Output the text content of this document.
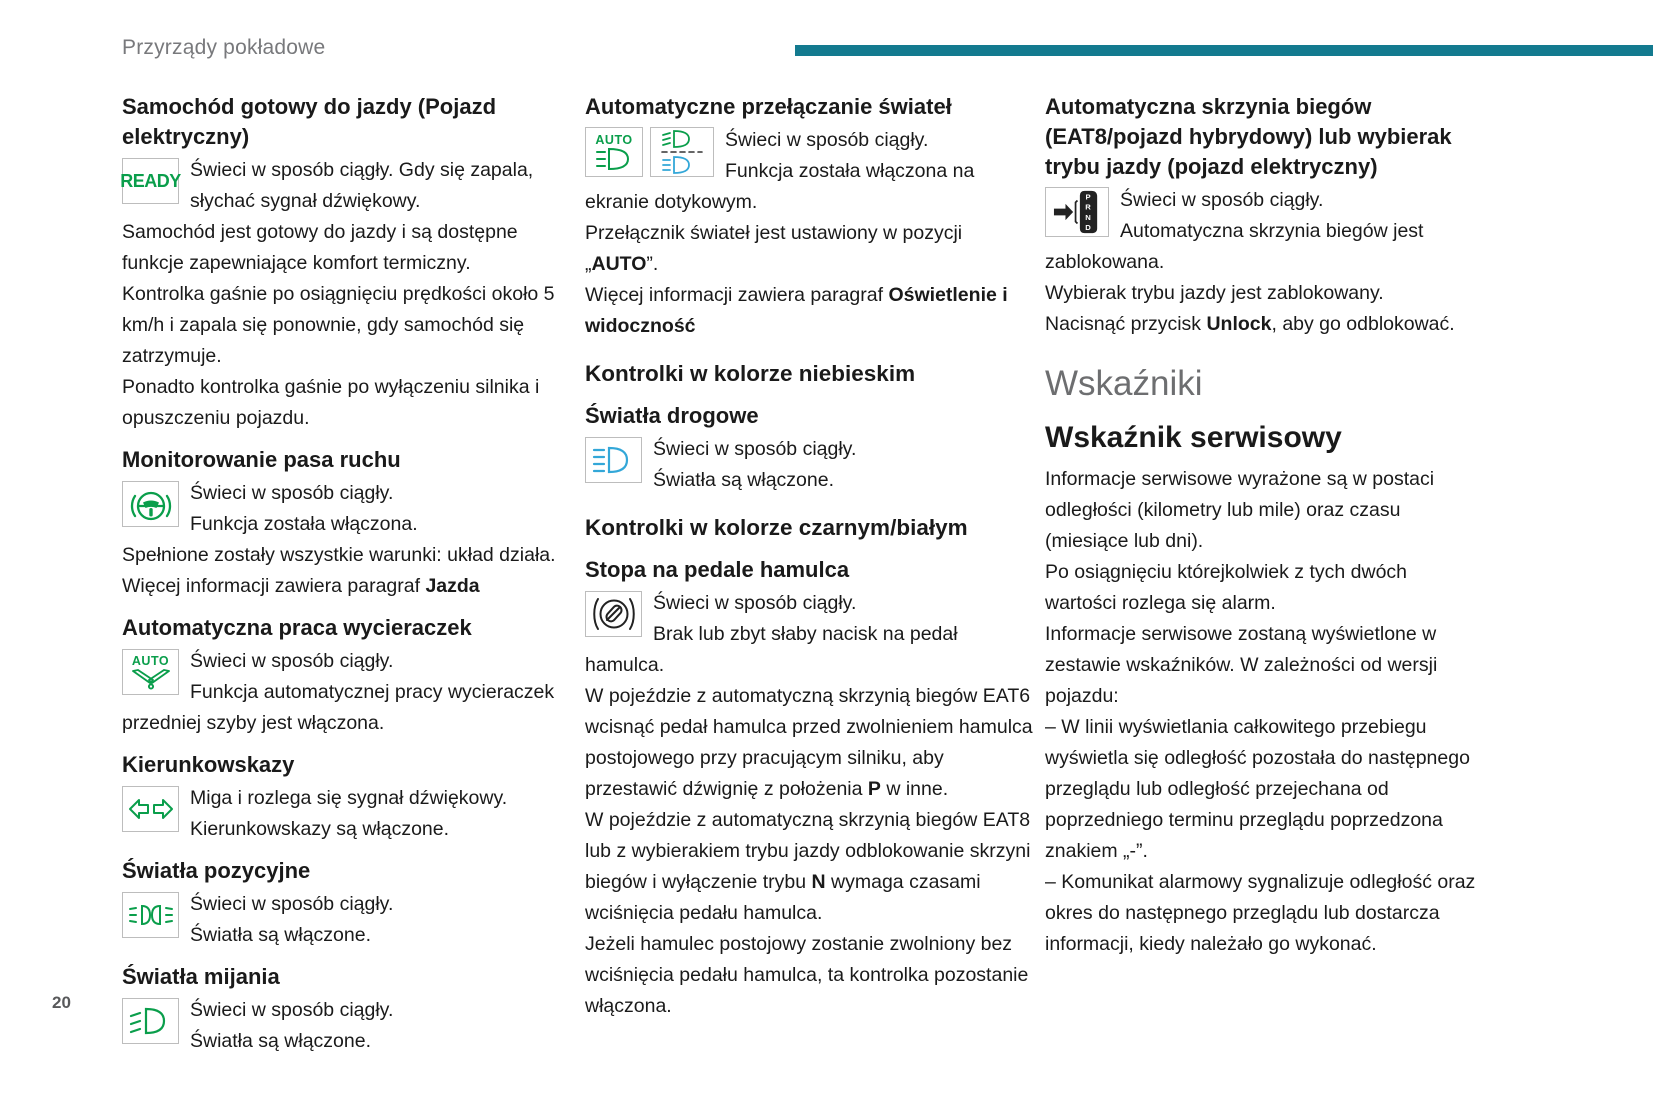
Przyrządy pokładowe
Samochód gotowy do jazdy (Pojazd elektryczny)
READY Świeci w sposób ciągły. Gdy się zapala, słychać sygnał dźwiękowy.

Samochód jest gotowy do jazdy i są dostępne funkcje zapewniające komfort termiczny.

Kontrolka gaśnie po osiągnięciu prędkości około 5 km/h i zapala się ponownie, gdy samochód się zatrzymuje.

Ponadto kontrolka gaśnie po wyłączeniu silnika i opuszczeniu pojazdu.

Monitorowanie pasa ruchu

Świeci w sposób ciągły.

Funkcja została włączona.

Spełnione zostały wszystkie warunki: układ działa.

Więcej informacji zawiera paragraf Jazda

Automatyczna praca wycieraczek
AUTO	Świeci w sposób ciągły.

Funkcja automatycznej pracy wycieraczek przedniej szyby jest włączona.

Kierunkowskazy

Miga i rozlega się sygnał dźwiękowy.

Kierunkowskazy są włączone.

Światła pozycyjne

Świeci w sposób ciągły.

Światła są włączone.

Światła mijania

Świeci w sposób ciągły.

Światła są włączone.

Automatyczne przełączanie świateł
AUTO	Świeci w sposób ciągły.

Funkcja została włączona na ekranie dotykowym.

Przełącznik świateł jest ustawiony w pozycji „AUTO”.

Więcej informacji zawiera paragraf Oświetlenie i widoczność

Kontrolki w kolorze niebieskim
Światła drogowe

Świeci w sposób ciągły.

Światła są włączone.

Kontrolki w kolorze czarnym/białym
Stopa na pedale hamulca

Świeci w sposób ciągły.

Brak lub zbyt słaby nacisk na pedał hamulca.

W pojeździe z automatyczną skrzynią biegów EAT6 wcisnąć pedał hamulca przed zwolnieniem hamulca postojowego przy pracującym silniku, aby przestawić dźwignię z położenia P w inne.

W pojeździe z automatyczną skrzynią biegów EAT8 lub z wybierakiem trybu jazdy odblokowanie skrzyni biegów i wyłączenie trybu N wymaga czasami wciśnięcia pedału hamulca.

Jeżeli hamulec postojowy zostanie zwolniony bez wciśnięcia pedału hamulca, ta kontrolka pozostanie włączona.

Automatyczna skrzynia biegów (EAT8/pojazd hybrydowy) lub wybierak trybu jazdy (pojazd elektryczny)
P
R
N
D

Świeci w sposób ciągły.

Automatyczna skrzynia biegów jest zablokowana.

Wybierak trybu jazdy jest zablokowany.

Nacisnąć przycisk Unlock, aby go odblokować.

Wskaźniki
Wskaźnik serwisowy

Informacje serwisowe wyrażone są w postaci odległości (kilometry lub mile) oraz czasu (miesiące lub dni).

Po osiągnięciu którejkolwiek z tych dwóch wartości rozlega się alarm.

Informacje serwisowe zostaną wyświetlone w zestawie wskaźników. W zależności od wersji pojazdu:

– W linii wyświetlania całkowitego przebiegu wyświetla się odległość pozostała do następnego przeglądu lub odległość przejechana od poprzedniego terminu przeglądu poprzedzona znakiem „-”.

– Komunikat alarmowy sygnalizuje odległość oraz okres do następnego przeglądu lub dostarcza informacji, kiedy należało go wykonać.

20
